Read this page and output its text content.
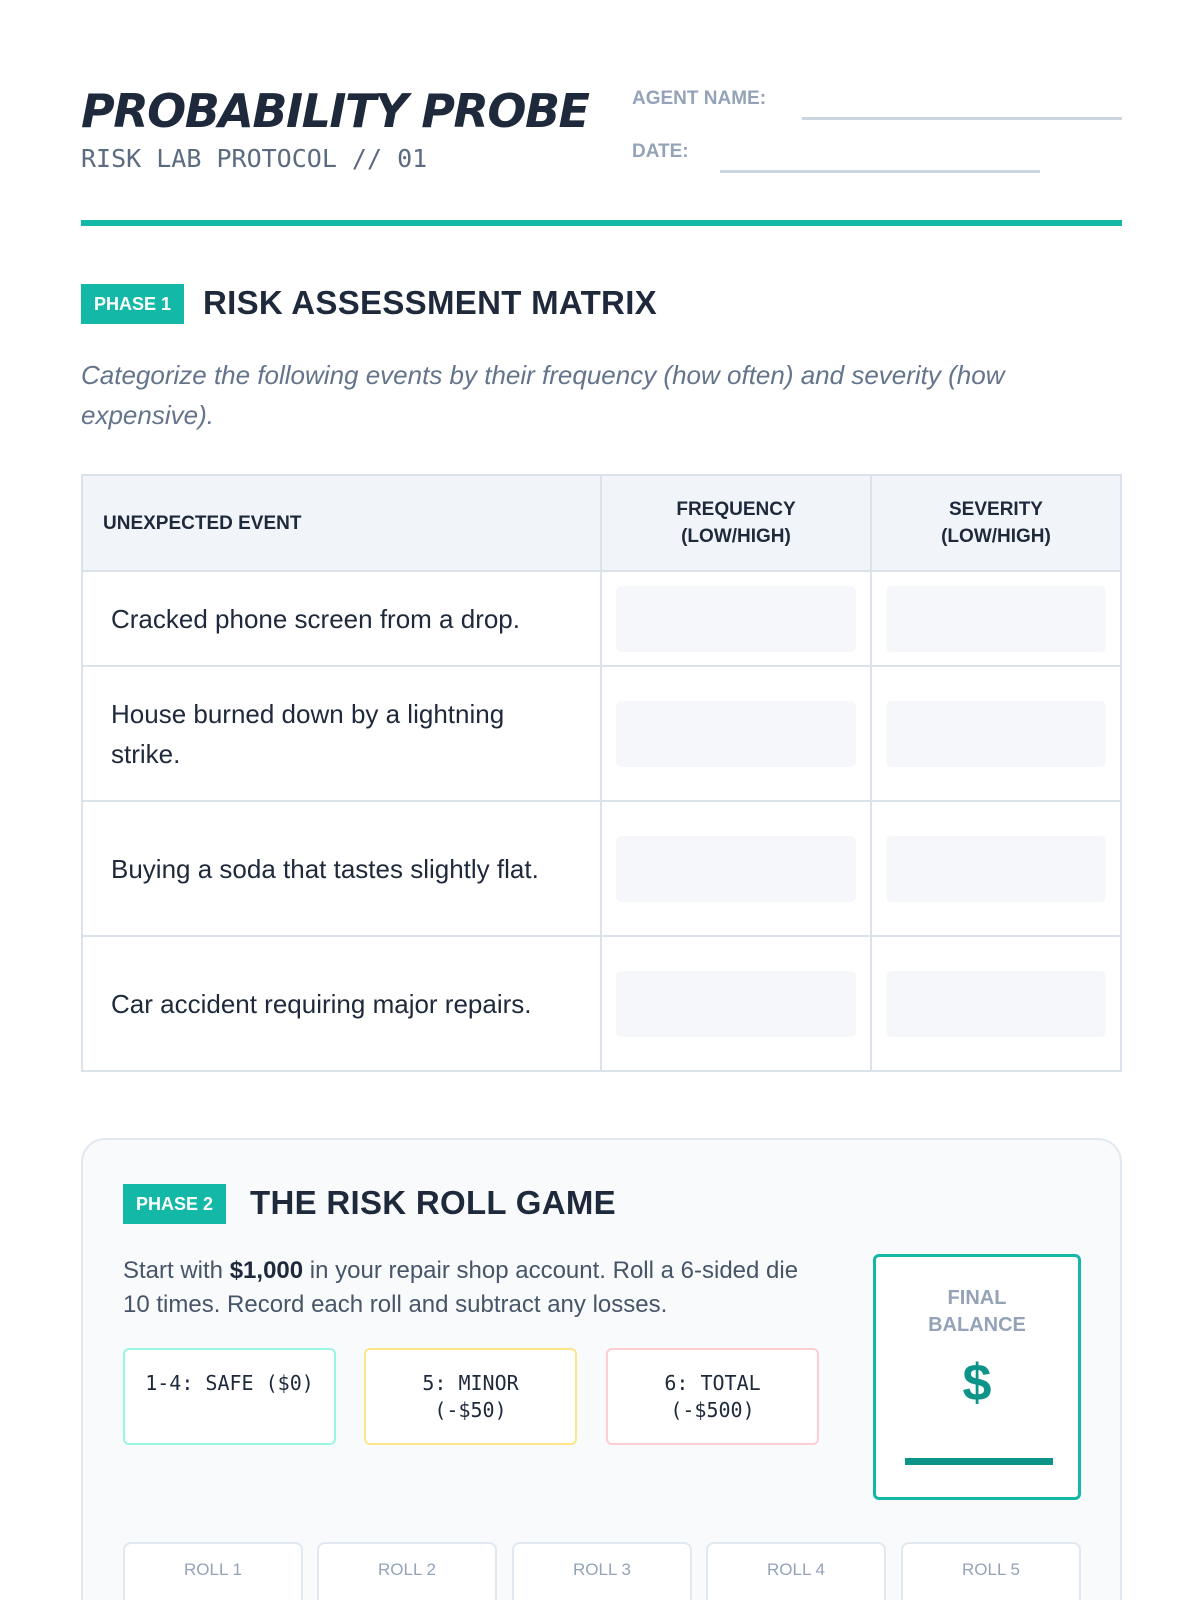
PROBABILITY PROBE
RISK LAB PROTOCOL // 01
AGENT NAME:
DATE:
PHASE 1 RISK ASSESSMENT MATRIX
Categorize the following events by their frequency (how often) and severity (how expensive).
UNEXPECTED EVENT	FREQUENCY (LOW/HIGH)	SEVERITY (LOW/HIGH)

Cracked phone screen from a drop.	

House burned down by a lightning strike.	

Buying a soda that tastes slightly flat.	

Car accident requiring major repairs.	

PHASE 2	THE RISK ROLL GAME
Start with $1,000 in your repair shop account. Roll a 6-sided die 10 times. Record each roll and subtract any losses.
1-4: SAFE ($0)	5: MINOR
(-$50)
6: TOTAL
(-$500)
FINAL
BALANCE
$
ROLL 1	ROLL 2	ROLL 3	ROLL 4	ROLL 5
